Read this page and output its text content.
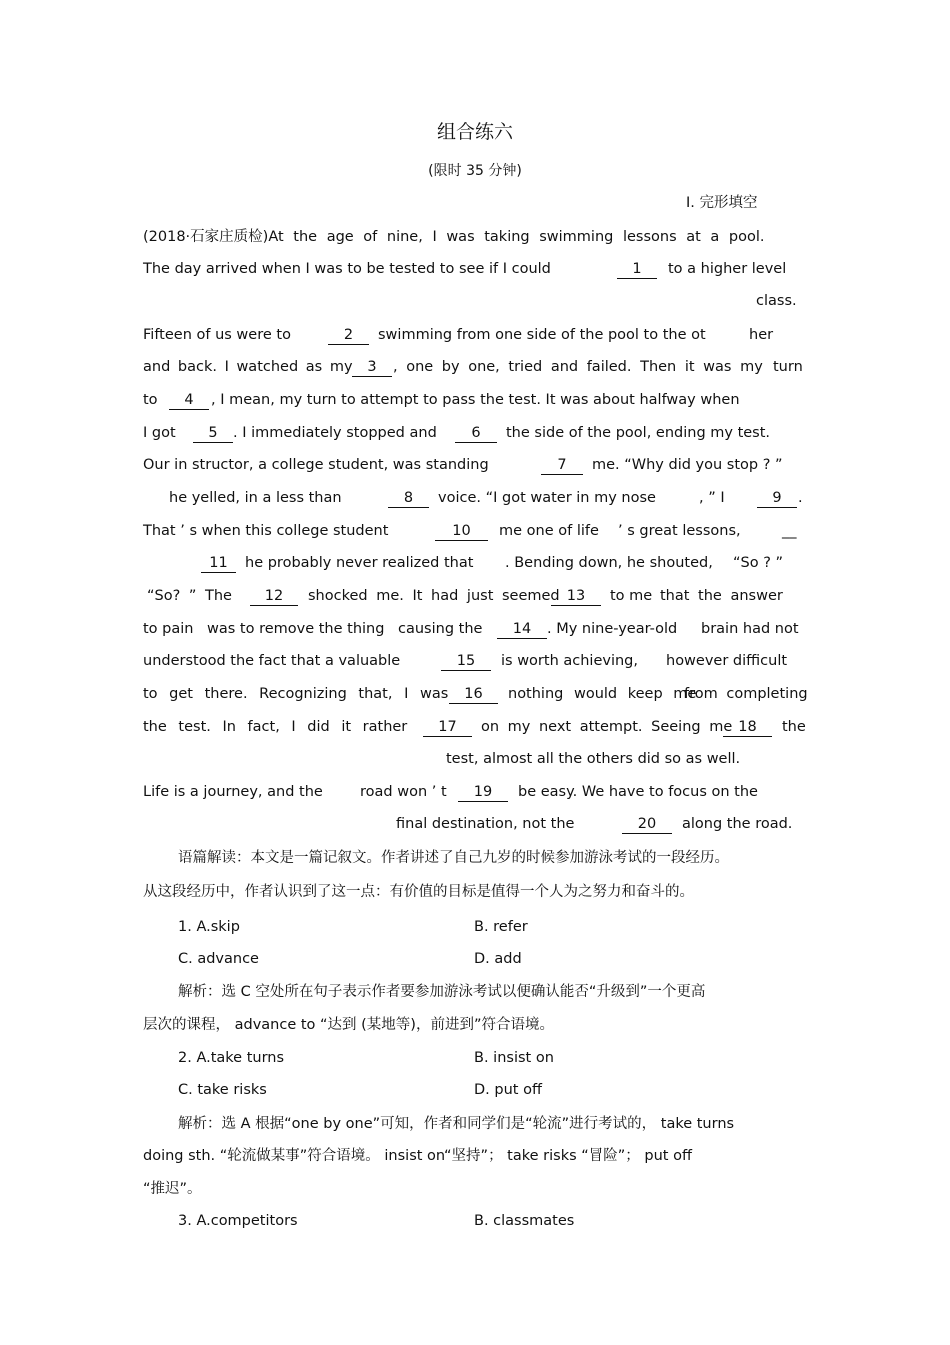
组合练六
(限时 35 分钟)
Ⅰ. 完形填空
(2018·石家庄质检)At the age of nine, I was taking swimming lessons at a pool.
The day arrived when I was to be tested to see if I could	1	to a higher level
class.
Fifteen of us were to	2	swimming from one side of the pool to the ot	her
and back. I watched as my	3	, one by one, tried and failed. Then it was my turn
to	4	, I mean, my turn to attempt to pass the test. It was about halfway when
I got	5	. I immediately stopped and	6	the side of the pool, ending my test.
Our in structor, a college student, was standing	7	me. “Why did you stop ? ”
he yelled, in a less than	8	voice. “I got water in my nose	, ” I	9	.
That ’ s when this college student	10	me one of life ’ s great lessons,	__
11	he probably never realized that . Bending down, he shouted, “So ? ”
“So? ” The	12	shocked me. It had just seemed 13	to me that the answer
to pain was to remove the thing causing the	14	. My nine-year-old brain had not
understood the fact that a valuable	15	is worth achieving, however difficult
to get there. Recognizing that, I was	16	nothing would keep me
from completing
the test. In fact, I did it rather	17	on my next attempt. Seeing me 18	the
test, almost all the others did so as well.
Life is a journey, and the	road won ’ t	19	be easy. We have to focus on the
final destination, not the	20	along the road.
语篇解读：本文是一篇记叙文。作者讲述了自己九岁的时候参加游泳考试的一段经历。
从这段经历中，作者认识到了这一点：有价值的目标是值得一个人为之努力和奋斗的。
1. A.skip	B. refer
C. advance	D. add
解析：选 C 空处所在句子表示作者要参加游泳考试以便确认能否“升级到”一个更高
层次的课程， advance to “达到 (某地等)，前进到”符合语境。
2. A.take turns	B. insist on
C. take risks	D. put off
解析：选 A 根据“one by one”可知，作者和同学们是“轮流”进行考试的， take turns
doing sth. “轮流做某事”符合语境。 insist on“坚持”； take risks “冒险”； put off
“推迟”。
3. A.competitors	B. classmates
